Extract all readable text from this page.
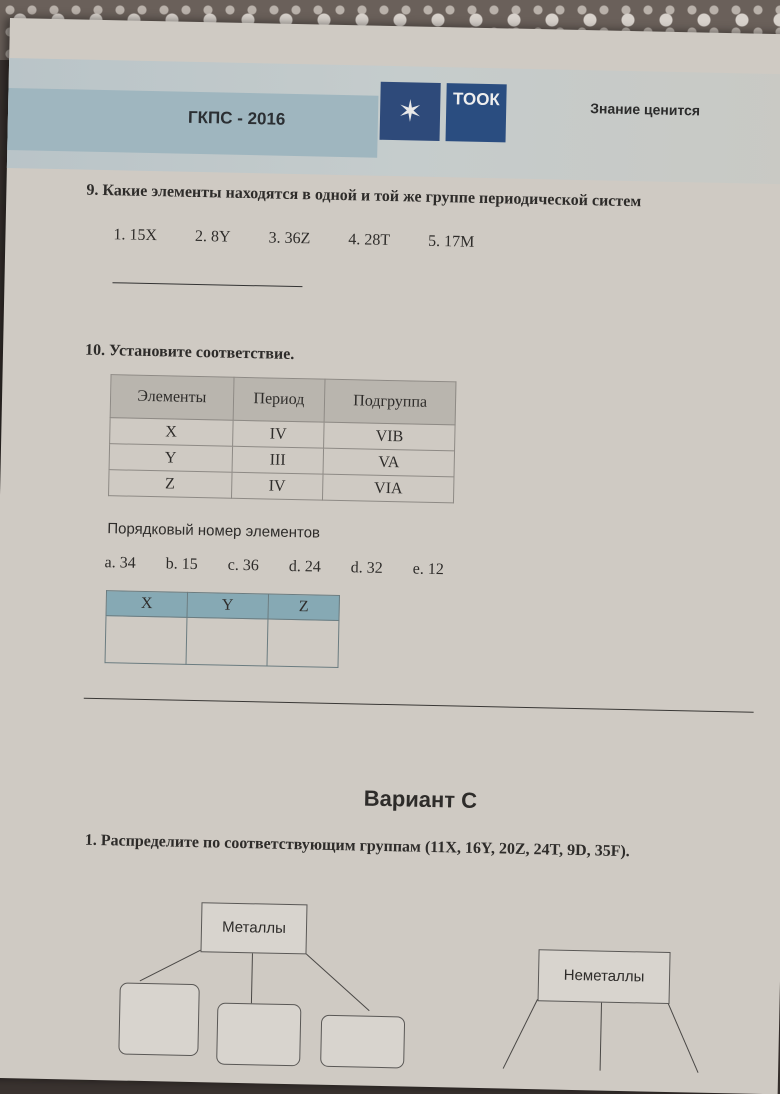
ГКПС - 2016	✶	ТООК
Знание ценится
9. Какие элементы находятся в одной и той же группе периодической систем
1. 15X 2. 8Y 3. 36Z 4. 28T 5. 17M
10. Установите соответствие.
Элементы	Период	Подгруппа
X	IV	VIB
Y	III	VA
Z	IV	VIA
Порядковый номер элементов
a. 34 b. 15 c. 36 d. 24 d. 32 e. 12
X	Y	Z

Вариант С
1. Распределите по соответствующим группам (11X, 16Y, 20Z, 24T, 9D, 35F).
Металлы
Неметаллы
